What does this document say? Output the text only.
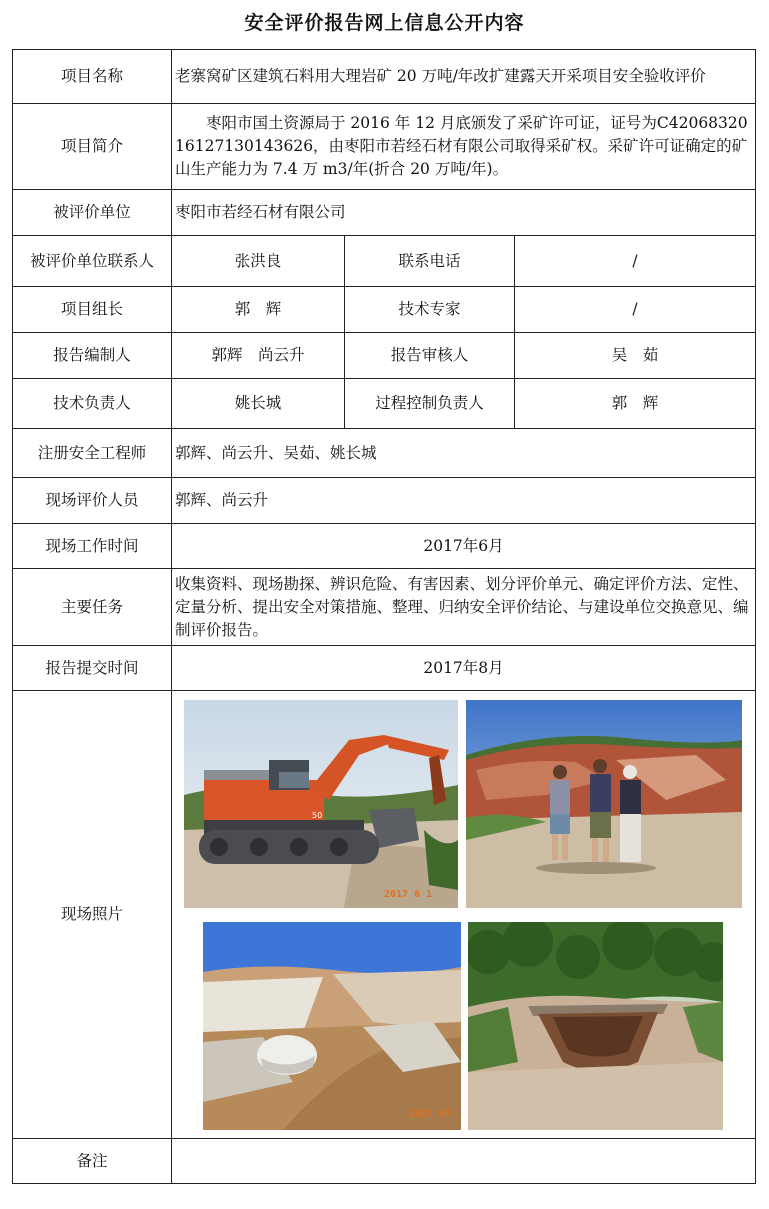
安全评价报告网上信息公开内容
项目名称	老寨窝矿区建筑石料用大理岩矿 20 万吨/年改扩建露天开采项目安全验收评价		
项目简介	枣阳市国土资源局于 2016 年 12 月底颁发了采矿许可证，证号为C4206832016127130143626，由枣阳市若经石材有限公司取得采矿权。采矿许可证确定的矿山生产能力为 7.4 万 m3/年(折合 20 万吨/年)。		
被评价单位	枣阳市若经石材有限公司		
被评价单位联系人	张洪良	联系电话	/
项目组长	郭　辉	技术专家	/
报告编制人	郭辉　尚云升	报告审核人	吴　茹
技术负责人	姚长城	过程控制负责人	郭　辉
注册安全工程师	郭辉、尚云升、吴茹、姚长城		
现场评价人员	郭辉、尚云升		
现场工作时间	2017年6月		
主要任务	收集资料、现场勘探、辨识危险、有害因素、划分评价单元、确定评价方法、定性、定量分析、提出安全对策措施、整理、归纳安全评价结论、与建设单位交换意见、编制评价报告。		
报告提交时间	2017年8月		
现场照片	50
2017 6 1
2017 07		

备注			
